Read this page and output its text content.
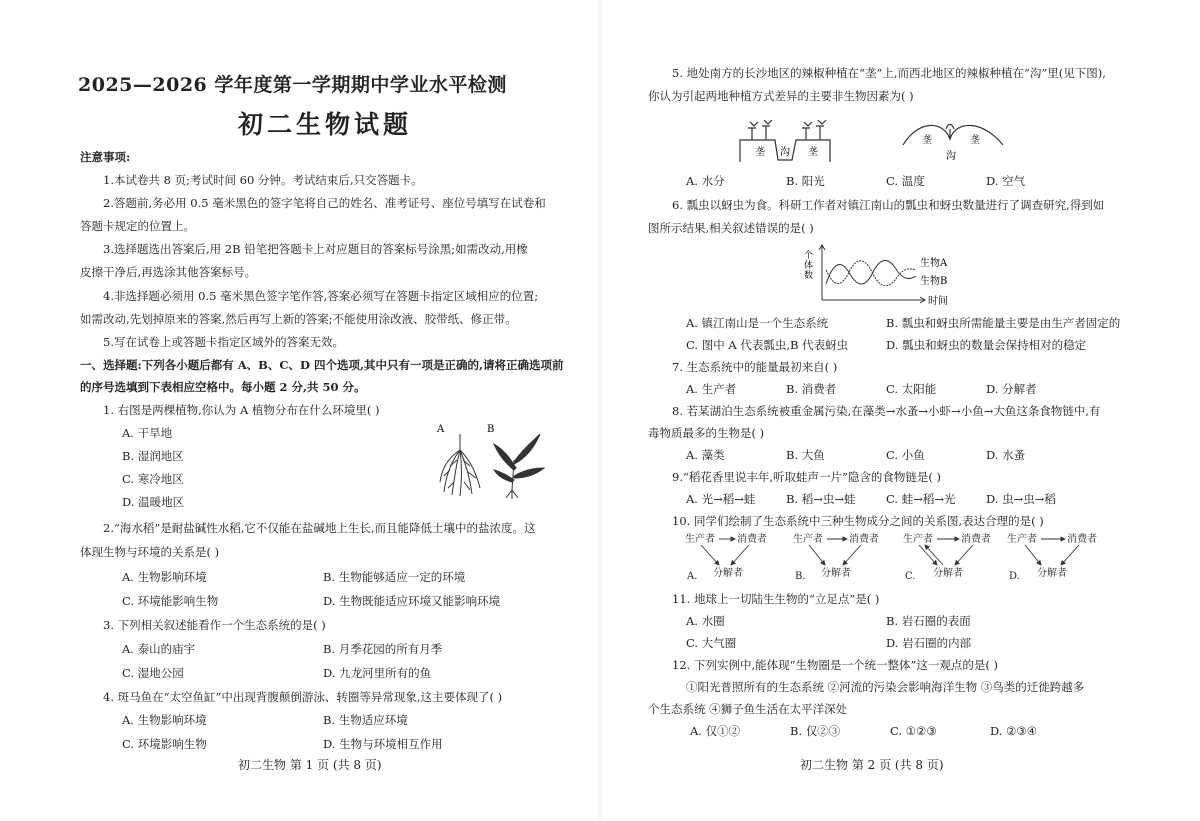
2025—2026 学年度第一学期期中学业水平检测
初二生物试题
注意事项:
1.本试卷共 8 页;考试时间 60 分钟。考试结束后,只交答题卡。
2.答题前,务必用 0.5 毫米黑色的签字笔将自己的姓名、准考证号、座位号填写在试卷和
答题卡规定的位置上。
3.选择题选出答案后,用 2B 铅笔把答题卡上对应题目的答案标号涂黑;如需改动,用橡
皮擦干净后,再选涂其他答案标号。
4.非选择题必须用 0.5 毫米黑色签字笔作答,答案必须写在答题卡指定区域相应的位置;
如需改动,先划掉原来的答案,然后再写上新的答案;不能使用涂改液、胶带纸、修正带。
5.写在试卷上或答题卡指定区域外的答案无效。
一、选择题:下列各小题后都有 A、B、C、D 四个选项,其中只有一项是正确的,请将正确选项前
的序号选填到下表相应空格中。每小题 2 分,共 50 分。
1. 右图是两棵植物,你认为 A 植物分布在什么环境里( )
A. 干旱地
B. 湿润地区
C. 寒冷地区
D. 温暖地区
A	B
2.“海水稻”是耐盐碱性水稻,它不仅能在盐碱地上生长,而且能降低土壤中的盐浓度。这
体现生物与环境的关系是( )
A. 生物影响环境	B. 生物能够适应一定的环境
C. 环境能影响生物	D. 生物既能适应环境又能影响环境
3. 下列相关叙述能看作一个生态系统的是( )
A. 泰山的庙宇	B. 月季花园的所有月季
C. 湿地公园	D. 九龙河里所有的鱼
4. 斑马鱼在“太空鱼缸”中出现背腹颠倒游泳、转圈等异常现象,这主要体现了( )
A. 生物影响环境	B. 生物适应环境
C. 环境影响生物	D. 生物与环境相互作用
初二生物 第 1 页 (共 8 页)
5. 地处南方的长沙地区的辣椒种植在“垄”上,而西北地区的辣椒种植在“沟”里(见下图),
你认为引起两地种植方式差异的主要非生物因素为( )
垄 沟 垄
垄
沟
垄
A. 水分	B. 阳光	C. 温度	D. 空气
6. 瓢虫以蚜虫为食。科研工作者对镇江南山的瓢虫和蚜虫数量进行了调查研究,得到如
图所示结果,相关叙述错误的是( )
个
体
数
生物A
生物B
时间
A. 镇江南山是一个生态系统	B. 瓢虫和蚜虫所需能量主要是由生产者固定的
C. 图中 A 代表瓢虫,B 代表蚜虫	D. 瓢虫和蚜虫的数量会保持相对的稳定
7. 生态系统中的能量最初来自( )
A. 生产者	B. 消费者	C. 太阳能	D. 分解者
8. 若某湖泊生态系统被重金属污染,在藻类→水蚤→小虾→小鱼→大鱼这条食物链中,有
毒物质最多的生物是( )
A. 藻类	B. 大鱼	C. 小鱼	D. 水蚤
9.“稻花香里说丰年,听取蛙声一片”隐含的食物链是( )
A. 光→稻→蛙	B. 稻→虫→蛙	C. 蛙→稻→光	D. 虫→虫→稻
10. 同学们绘制了生态系统中三种生物成分之间的关系图,表达合理的是( )
生产者 消费者
分解者
A.
生产者	消费者
分解者
B.
生产者	消费者
分解者
C.
生产者	消费者
分解者
D.
11. 地球上一切陆生生物的“立足点”是( )
A. 水圈	B. 岩石圈的表面
C. 大气圈	D. 岩石圈的内部
12. 下列实例中,能体现“生物圈是一个统一整体”这一观点的是( )
①阳光普照所有的生态系统 ②河流的污染会影响海洋生物 ③鸟类的迁徙跨越多
个生态系统 ④狮子鱼生活在太平洋深处
A. 仅①②	B. 仅②③	C. ①②③	D. ②③④
初二生物 第 2 页 (共 8 页)
